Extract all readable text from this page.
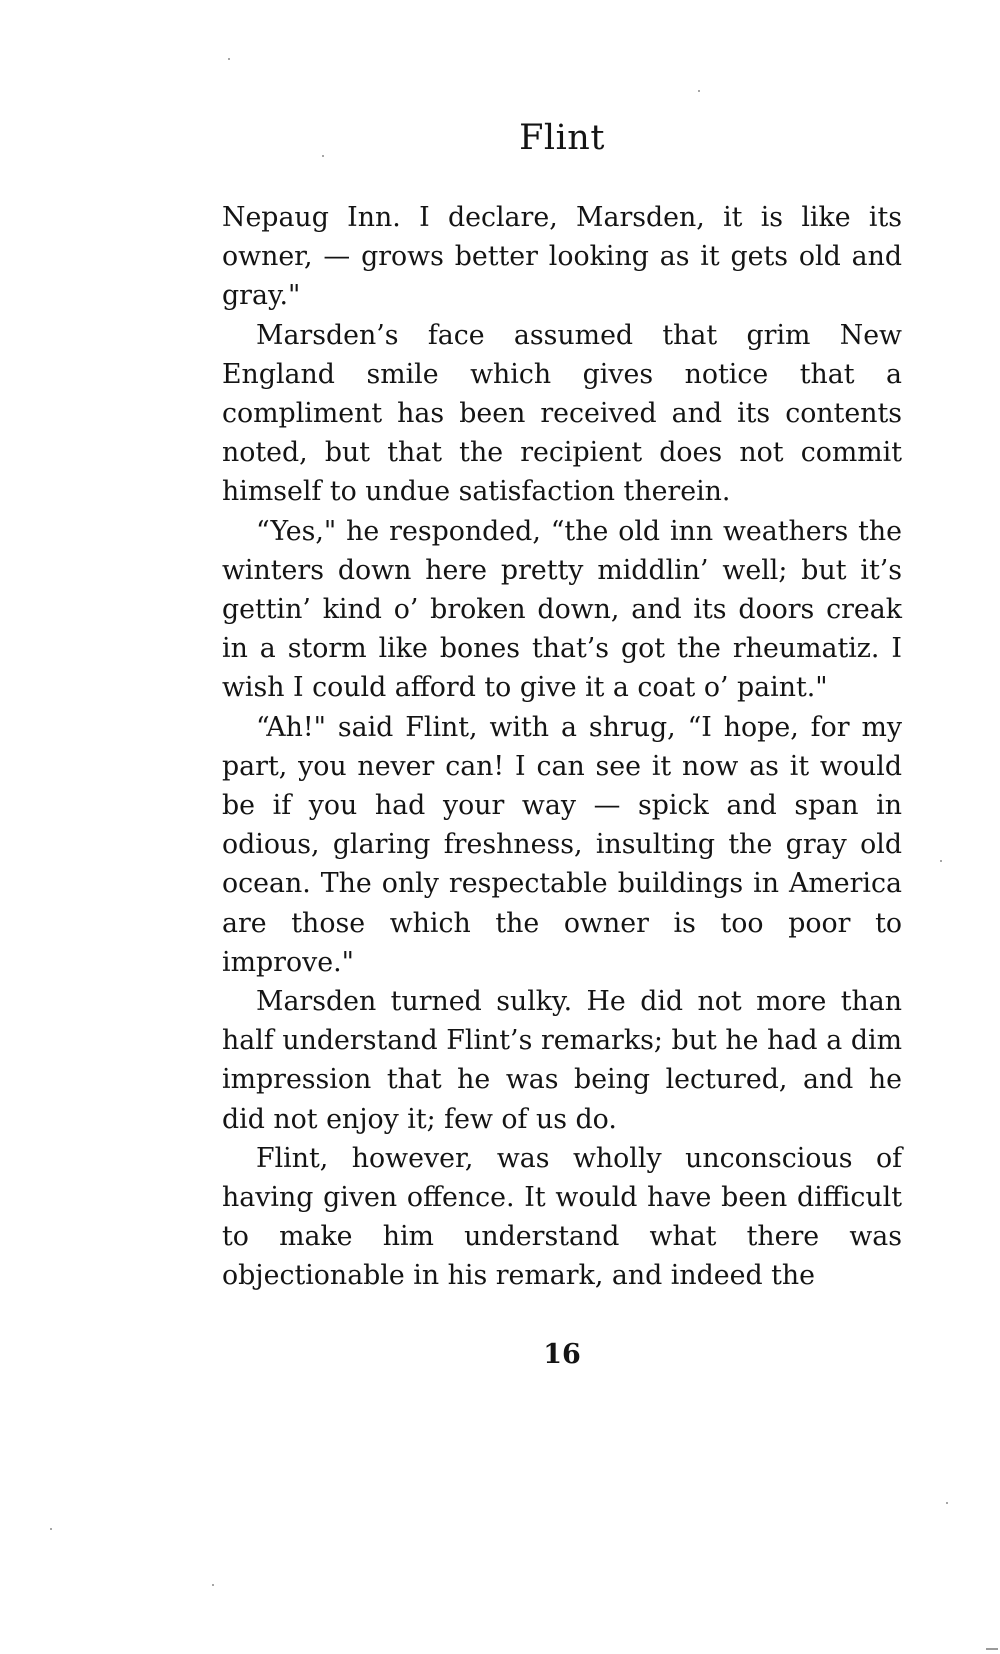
Flint

Nepaug Inn. I declare, Marsden, it is like its owner, — grows better looking as it gets old and gray."

Marsden’s face assumed that grim New England smile which gives notice that a compliment has been received and its contents noted, but that the recipient does not commit himself to undue satisfaction therein.

“Yes," he responded, “the old inn weathers the winters down here pretty middlin’ well; but it’s gettin’ kind o’ broken down, and its doors creak in a storm like bones that’s got the rheumatiz. I wish I could afford to give it a coat o’ paint."

“Ah!" said Flint, with a shrug, “I hope, for my part, you never can! I can see it now as it would be if you had your way — spick and span in odious, glaring freshness, insulting the gray old ocean. The only respectable buildings in America are those which the owner is too poor to improve."

Marsden turned sulky. He did not more than half understand Flint’s remarks; but he had a dim impression that he was being lectured, and he did not enjoy it; few of us do.

Flint, however, was wholly unconscious of having given offence. It would have been difficult to make him understand what there was objectionable in his remark, and indeed the

16
